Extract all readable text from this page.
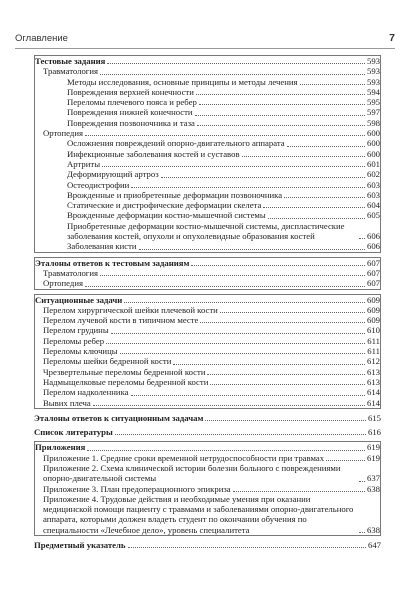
Оглавление	7
Тестовые задания	593
Травматология	593
Методы исследования, основные принципы и методы лечения	593
Повреждения верхней конечности	594
Переломы плечевого пояса и ребер	595
Повреждения нижней конечности	597
Повреждения позвоночника и таза	598
Ортопедия	600
Осложнения повреждений опорно-двигательного аппарата	600
Инфекционные заболевания костей и суставов	600
Артриты	601
Деформирующий артроз	602
Остеодистрофии	603
Врожденные и приобретенные деформации позвоночника	603
Статические и дистрофические деформации скелета	604
Врожденные деформации костно-мышечной системы	605
Приобретенные деформации костно-мышечной системы, диспластические заболевания костей, опухоли и опухолевидные образования костей	606
Заболевания кисти	606
Эталоны ответов к тестовым заданиям	607
Травматология	607
Ортопедия	607
Ситуационные задачи	609
Перелом хирургической шейки плечевой кости	609
Перелом лучевой кости в типичном месте	609
Перелом грудины	610
Переломы ребер	611
Переломы ключицы	611
Переломы шейки бедренной кости	612
Чрезвертельные переломы бедренной кости	613
Надмыщелковые переломы бедренной кости	613
Перелом надколенника	614
Вывих плеча	614
Эталоны ответов к ситуационным задачам	615
Список литературы	616
Приложения	619
Приложение 1. Средние сроки временной нетрудоспособности при травмах	619
Приложение 2. Схема клинической истории болезни больного с повреждениями опорно-двигательной системы	637
Приложение 3. План предоперационного эпикриза	638
Приложение 4. Трудовые действия и необходимые умения при оказании медицинской помощи пациенту с травмами и заболеваниями опорно-двигательного аппарата, которыми должен владеть студент по окончании обучения по специальности «Лечебное дело», уровень специалитета	638
Предметный указатель	647
